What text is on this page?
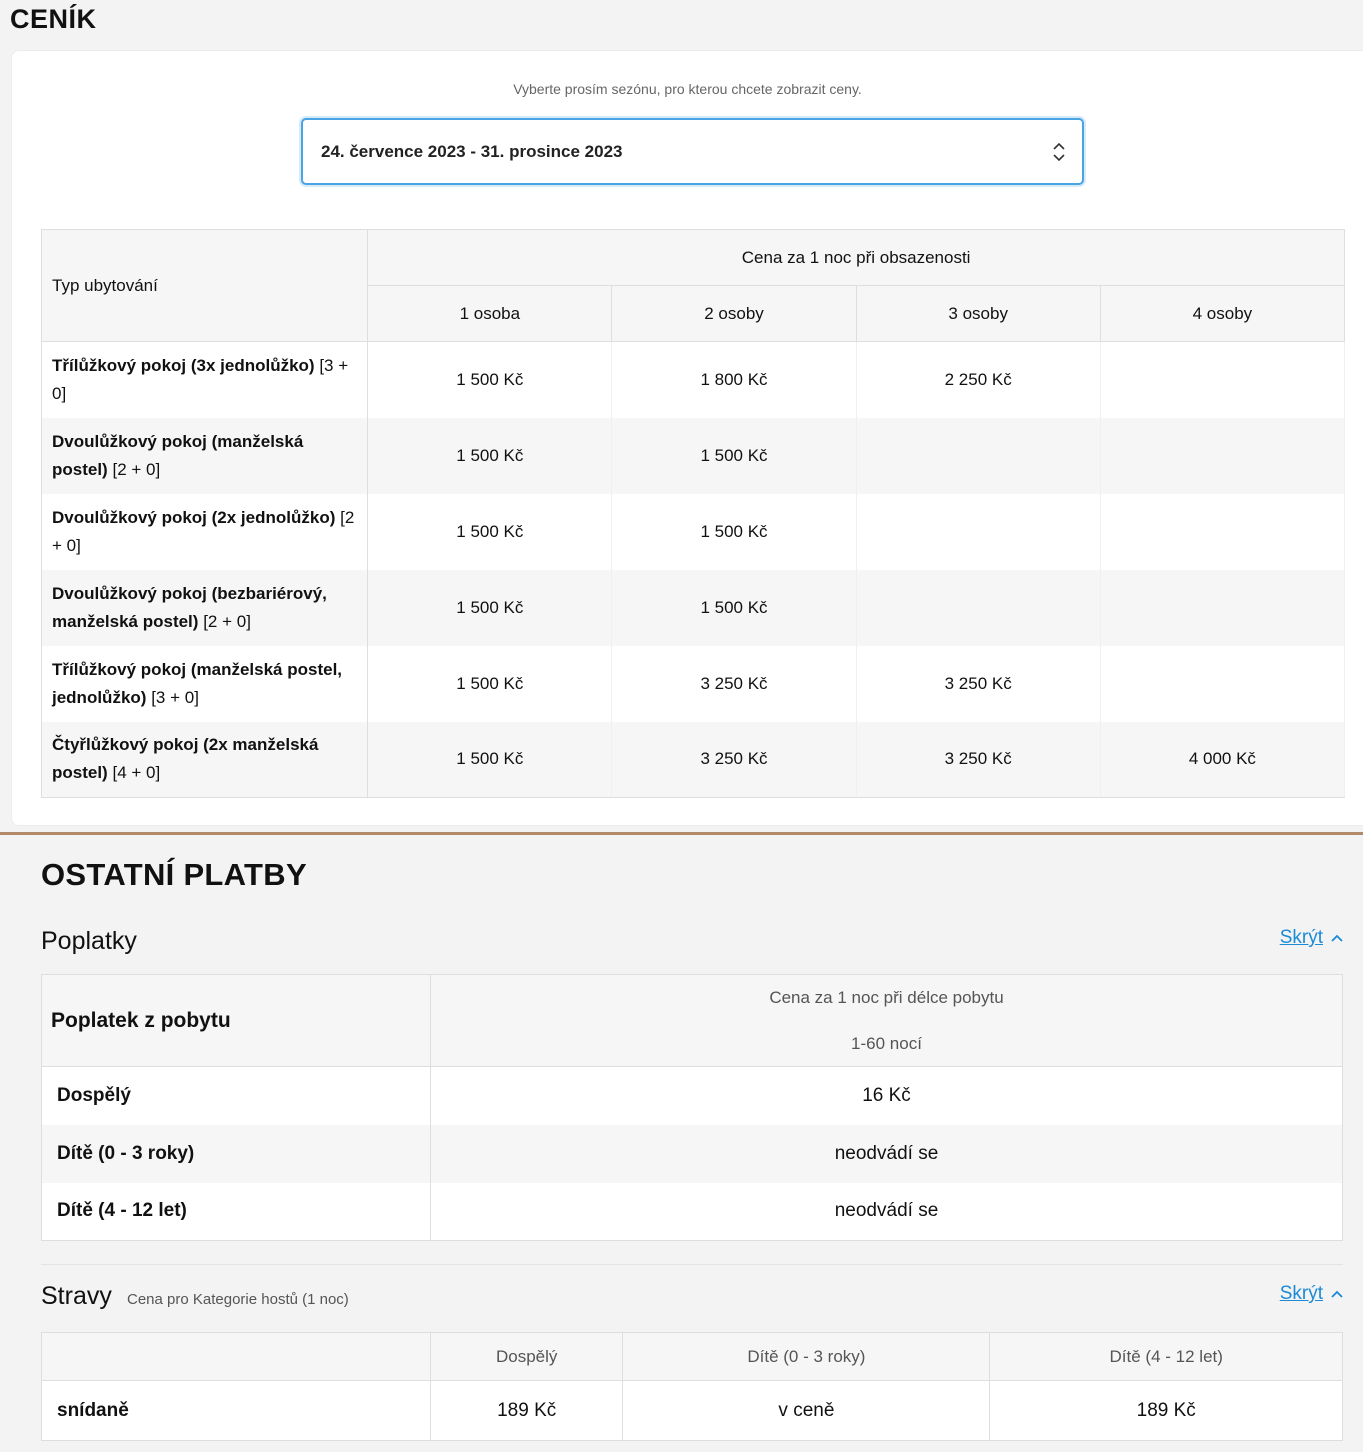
CENÍK
Vyberte prosím sezónu, pro kterou chcete zobrazit ceny.
24. července 2023 - 31. prosince 2023
Typ ubytování	Cena za 1 noc při obsazenosti			
	1 osoba	2 osoby	3 osoby	4 osoby
Třílůžkový pokoj (3x jednolůžko) [3 + 0]	1 500 Kč	1 800 Kč	2 250 Kč	
Dvoulůžkový pokoj (manželská postel) [2 + 0]	1 500 Kč	1 500 Kč		
Dvoulůžkový pokoj (2x jednolůžko) [2 + 0]	1 500 Kč	1 500 Kč		
Dvoulůžkový pokoj (bezbariérový, manželská postel) [2 + 0]	1 500 Kč	1 500 Kč		
Třílůžkový pokoj (manželská postel, jednolůžko) [3 + 0]	1 500 Kč	3 250 Kč	3 250 Kč	
Čtyřlůžkový pokoj (2x manželská postel) [4 + 0]	1 500 Kč	3 250 Kč	3 250 Kč	4 000 Kč
OSTATNÍ PLATBY
Poplatky	Skrýt
Poplatek z pobytu	Cena za 1 noc při délce pobytu
1-60 nocí
Dospělý	16 Kč
Dítě (0 - 3 roky)	neodvádí se
Dítě (4 - 12 let)	neodvádí se
Stravy Cena pro Kategorie hostů (1 noc)	Skrýt
	Dospělý	Dítě (0 - 3 roky)	Dítě (4 - 12 let)
snídaně	189 Kč	v ceně	189 Kč
